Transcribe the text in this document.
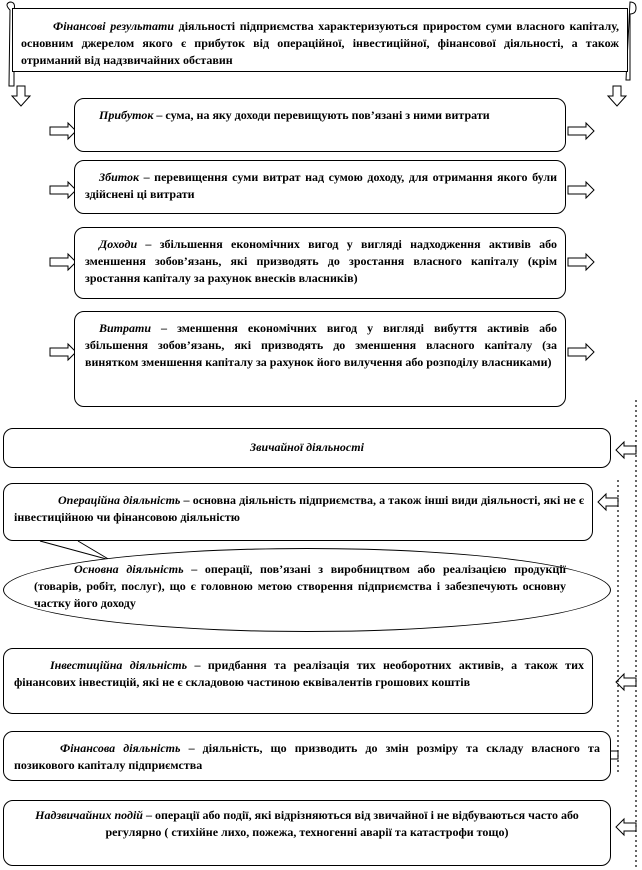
Фінансові результати діяльності підприємства характеризуються приростом суми власного капіталу, основним джерелом якого є прибуток від операційної, інвестиційної, фінансової діяльності, а також отриманий від надзвичайних обставин
Прибуток – сума, на яку доходи перевищують пов’язані з ними витрати
Збиток – перевищення суми витрат над сумою доходу, для отримання якого були здійснені ці витрати
Доходи – збільшення економічних вигод у вигляді надходження активів або зменшення зобов’язань, які призводять до зростання власного капіталу (крім зростання капіталу за рахунок внесків власників)
Витрати – зменшення економічних вигод у вигляді вибуття активів або збільшення зобов’язань, які призводять до зменшення власного капіталу (за винятком зменшення капіталу за рахунок його вилучення або розподілу власниками)
Звичайної діяльності
Операційна діяльність – основна діяльність підприємства, а також інші види діяльності, які не є інвестиційною чи фінансовою діяльністю
Основна діяльність – операції, пов’язані з виробництвом або реалізацією продукції (товарів, робіт, послуг), що є головною метою створення підприємства і забезпечують основну частку його доходу
Інвестиційна діяльність – придбання та реалізація тих необоротних активів, а також тих фінансових інвестицій, які не є складовою частиною еквівалентів грошових коштів
Фінансова діяльність – діяльність, що призводить до змін розміру та складу власного та позикового капіталу підприємства
Надзвичайних подій – операції або події, які відрізняються від звичайної і не відбуваються часто або регулярно ( стихійне лихо, пожежа, техногенні аварії та катастрофи тощо)
